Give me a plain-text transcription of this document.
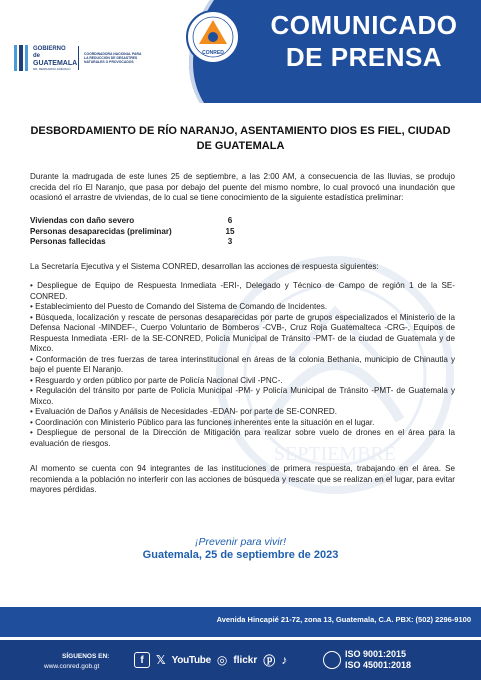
GOBIERNO de
GUATEMALA
DR. BERNARDO ARÉVALO
COORDINADORA NACIONAL PARA
LA REDUCCIÓN DE DESASTRES
NATURALES O PROVOCADOS
CONRED
COMUNICADO
DE PRENSA
SEPTIEMBRE
DESBORDAMIENTO DE RÍO NARANJO, ASENTAMIENTO DIOS ES FIEL, CIUDAD DE GUATEMALA
Durante la madrugada de este lunes 25 de septiembre, a las 2:00 AM, a consecuencia de las lluvias, se produjo crecida del río El Naranjo, que pasa por debajo del puente del mismo nombre, lo cual provocó una inundación que ocasionó el arrastre de viviendas, de lo cual se tiene conocimiento de la siguiente estadística preliminar:
Viviendas con daño severo	6
Personas desaparecidas (preliminar)	15
Personas fallecidas	3
La Secretaría Ejecutiva y el Sistema CONRED, desarrollan las acciones de respuesta siguientes:
• Despliegue de Equipo de Respuesta Inmediata -ERI-, Delegado y Técnico de Campo de región 1 de la SE-CONRED.
• Establecimiento del Puesto de Comando del Sistema de Comando de Incidentes.
• Búsqueda, localización y rescate de personas desaparecidas por parte de grupos especializados el Ministerio de la Defensa Nacional -MINDEF-, Cuerpo Voluntario de Bomberos -CVB-, Cruz Roja Guatemalteca -CRG-, Equipos de Respuesta Inmediata -ERI- de la SE-CONRED, Policía Municipal de Tránsito -PMT- de la ciudad de Guatemala y de Mixco.
• Conformación de tres fuerzas de tarea interinstitucional en áreas de la colonia Bethania, municipio de Chinautla y bajo el puente El Naranjo.
• Resguardo y orden público por parte de Policía Nacional Civil -PNC-.
• Regulación del tránsito por parte de Policía Municipal -PM- y Policía Municipal de Tránsito -PMT- de Guatemala y Mixco.
• Evaluación de Daños y Análisis de Necesidades -EDAN- por parte de SE-CONRED.
• Coordinación con Ministerio Público para las funciones inherentes ente la situación en el lugar.
• Despliegue de personal de la Dirección de Mitigación para realizar sobre vuelo de drones en el área para la evaluación de riesgos.
Al momento se cuenta con 94 integrantes de las instituciones de primera respuesta, trabajando en el área. Se recomienda a la población no interferir con las acciones de búsqueda y rescate que se realizan en el lugar, para evitar mayores pérdidas.
¡Prevenir para vivir!
Guatemala, 25 de septiembre de 2023
Avenida Hincapié 21-72, zona 13, Guatemala, C.A. PBX: (502) 2296-9100
SÍGUENOS EN:
www.conred.gob.gt
f	𝕏 YouTube ◎ flickr ⓟ ♪	ISO 9001:2015
ISO 45001:2018
